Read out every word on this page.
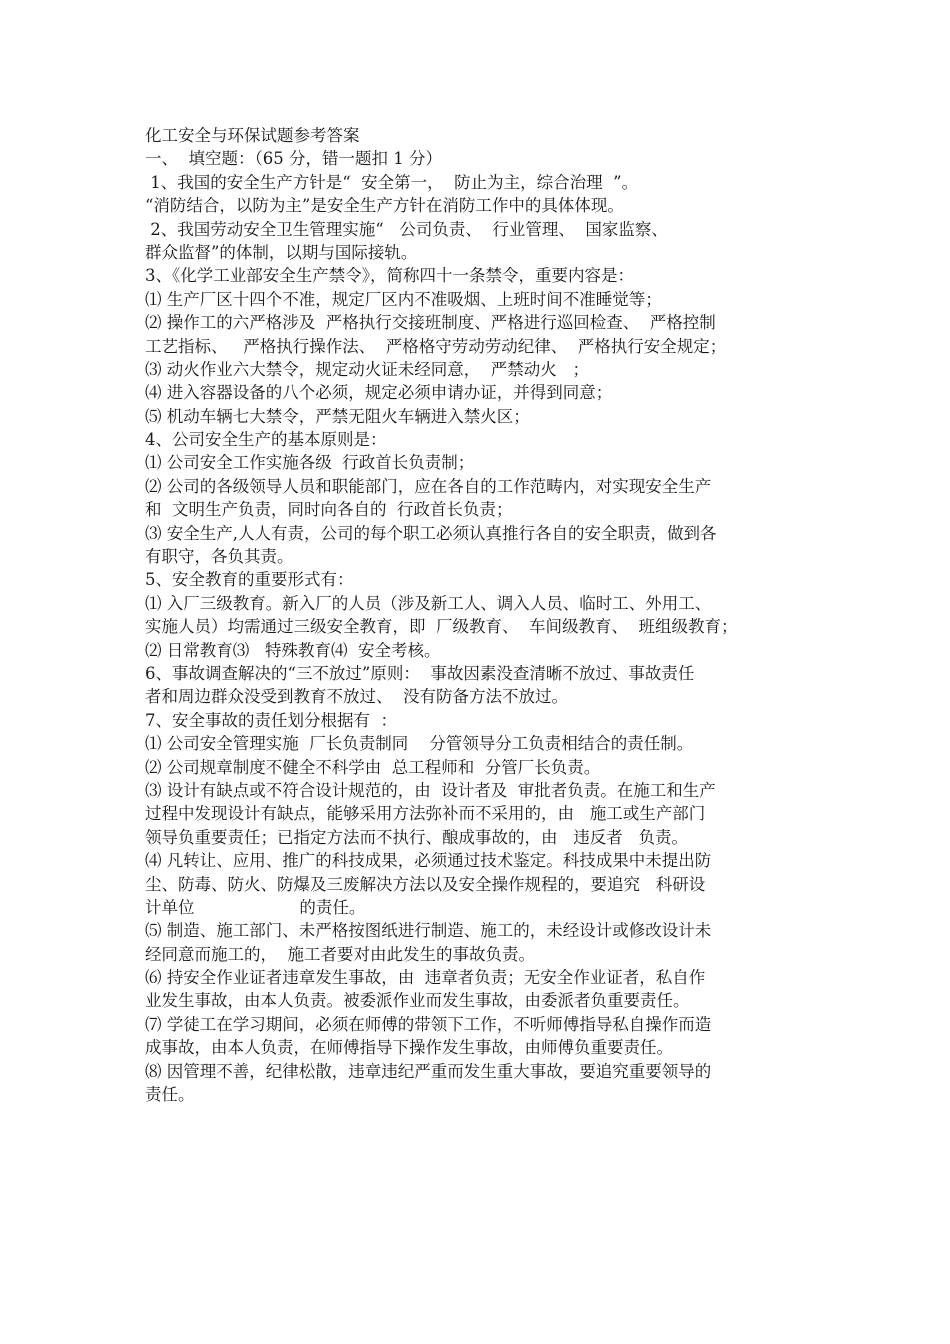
化工安全与环保试题参考答案
一、  填空题：（65 分，错一题扣 1 分）
1、我国的安全生产方针是“  安全第一，  防止为主，综合治理  ”。
“消防结合，以防为主”是安全生产方针在消防工作中的具体体现。
2、我国劳动安全卫生管理实施“   公司负责、  行业管理、  国家监察、
群众监督”的体制，以期与国际接轨。
3、《化学工业部安全生产禁令》，简称四十一条禁令，重要内容是：
⑴ 生产厂区十四个不准，规定厂区内不准吸烟、上班时间不准睡觉等；
⑵ 操作工的六严格涉及  严格执行交接班制度、严格进行巡回检查、  严格控制
工艺指标、   严格执行操作法、  严格格守劳动劳动纪律、  严格执行安全规定；
⑶ 动火作业六大禁令，规定动火证未经同意，  严禁动火   ；
⑷ 进入容器设备的八个必须，规定必须申请办证，并得到同意；
⑸ 机动车辆七大禁令，严禁无阻火车辆进入禁火区；
4、公司安全生产的基本原则是：
⑴ 公司安全工作实施各级  行政首长负责制；
⑵ 公司的各级领导人员和职能部门，应在各自的工作范畴内，对实现安全生产
和  文明生产负责，同时向各自的  行政首长负责；
⑶ 安全生产,人人有责，公司的每个职工必须认真推行各自的安全职责，做到各
有职守，各负其责。
5、安全教育的重要形式有：
⑴ 入厂三级教育。新入厂的人员（涉及新工人、调入人员、临时工、外用工、
实施人员）均需通过三级安全教育，即  厂级教育、  车间级教育、  班组级教育；
⑵ 日常教育⑶   特殊教育⑷  安全考核。
6、事故调查解决的“三不放过”原则：  事故因素没查清晰不放过、事故责任
者和周边群众没受到教育不放过、  没有防备方法不放过。
7、安全事故的责任划分根据有  ：
⑴ 公司安全管理实施  厂长负责制同    分管领导分工负责相结合的责任制。
⑵ 公司规章制度不健全不科学由  总工程师和  分管厂长负责。
⑶ 设计有缺点或不符合设计规范的，由  设计者及  审批者负责。在施工和生产
过程中发现设计有缺点，能够采用方法弥补而不采用的，由   施工或生产部门
领导负重要责任；已指定方法而不执行、酿成事故的，由   违反者   负责。
⑷ 凡转让、应用、推广的科技成果，必须通过技术鉴定。科技成果中未提出防
尘、防毒、防火、防爆及三废解决方法以及安全操作规程的，要追究   科研设
计单位                    的责任。
⑸ 制造、施工部门、未严格按图纸进行制造、施工的，未经设计或修改设计未
经同意而施工的，  施工者要对由此发生的事故负责。
⑹ 持安全作业证者违章发生事故，由  违章者负责；无安全作业证者，私自作
业发生事故，由本人负责。被委派作业而发生事故，由委派者负重要责任。
⑺ 学徒工在学习期间，必须在师傅的带领下工作，不听师傅指导私自操作而造
成事故，由本人负责，在师傅指导下操作发生事故，由师傅负重要责任。
⑻ 因管理不善，纪律松散，违章违纪严重而发生重大事故，要追究重要领导的
责任。
